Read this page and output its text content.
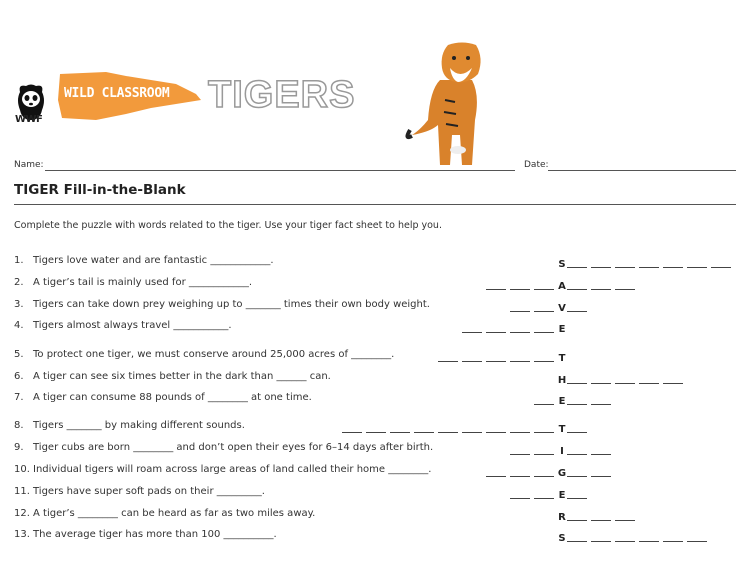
WWF
WILD CLASSROOM TIGERS
Name:	Date:
TIGER Fill-in-the-Blank
Complete the puzzle with words related to the tiger. Use your tiger fact sheet to help you.
1. Tigers love water and are fantastic ____________.	S
2. A tiger’s tail is mainly used for ____________.	A
3. Tigers can take down prey weighing up to _______ times their own body weight.	V
4. Tigers almost always travel ___________.	E
5. To protect one tiger, we must conserve around 25,000 acres of ________.	T
6. A tiger can see six times better in the dark than ______ can.	H
7. A tiger can consume 88 pounds of ________ at one time.	E
8. Tigers _______ by making different sounds.	T
9. Tiger cubs are born ________ and don’t open their eyes for 6–14 days after birth.	I
10. Individual tigers will roam across large areas of land called their home ________.	G
11. Tigers have super soft pads on their _________.	E
12. A tiger’s ________ can be heard as far as two miles away.	R
13. The average tiger has more than 100 __________.	S
